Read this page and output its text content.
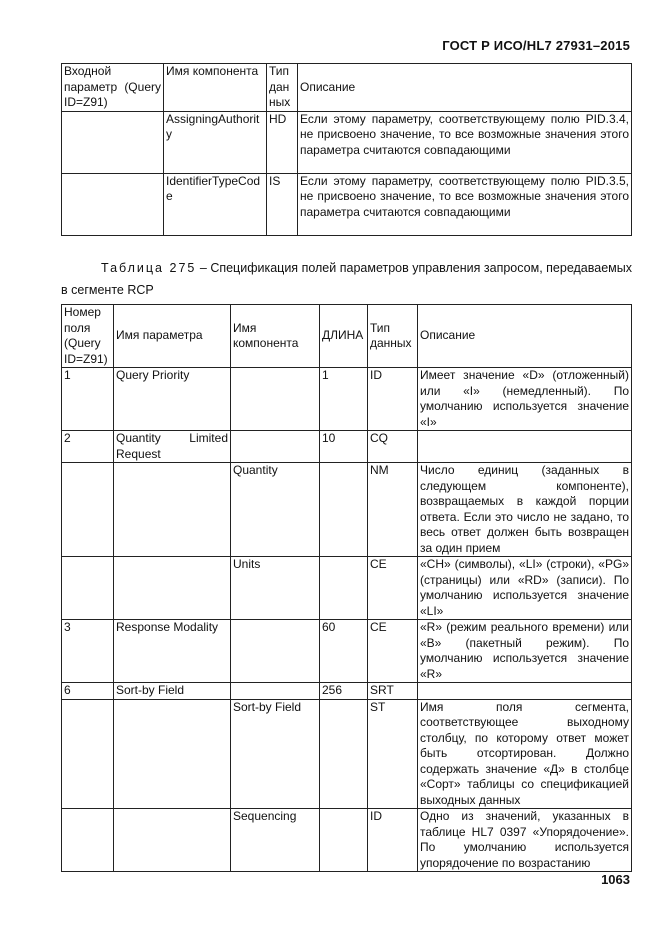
ГОСТ Р ИСО/HL7 27931–2015
Входной параметр (Query ID=Z91)	Имя компонента	Тип данных	Описание
	AssigningAuthority	HD	Если этому параметру, соответствующему полю PID.3.4, не присвоено значение, то все возможные значения этого параметра считаются совпадающими
	IdentifierTypeCode	IS	Если этому параметру, соответствующему полю PID.3.5, не присвоено значение, то все возможные значения этого параметра считаются совпадающими
Таблица 275 – Спецификация полей параметров управления запросом, передаваемых в сегменте RCP
Номер поля (Query ID=Z91)	Имя параметра	Имя компонента	ДЛИНА	Тип данных	Описание
1	Query Priority		1	ID	Имеет значение «D» (отложенный) или «I» (немедленный). По умолчанию используется значение «I»
2	Quantity Limited Request		10	CQ	
		Quantity		NM	Число единиц (заданных в следующем компоненте), возвращаемых в каждой порции ответа. Если это число не задано, то весь ответ должен быть возвращен за один прием
		Units		CE	«CH» (символы), «LI» (строки), «PG» (страницы) или «RD» (записи). По умолчанию используется значение «LI»
3	Response Modality		60	CE	«R» (режим реального времени) или «B» (пакетный режим). По умолчанию используется значение «R»
6	Sort-by Field		256	SRT	
		Sort-by Field		ST	Имя поля сегмента, соответствующее выходному столбцу, по которому ответ может быть отсортирован. Должно содержать значение «Д» в столбце «Сорт» таблицы со спецификацией выходных данных
		Sequencing		ID	Одно из значений, указанных в таблице HL7 0397 «Упорядочение». По умолчанию используется упорядочение по возрастанию
1063
